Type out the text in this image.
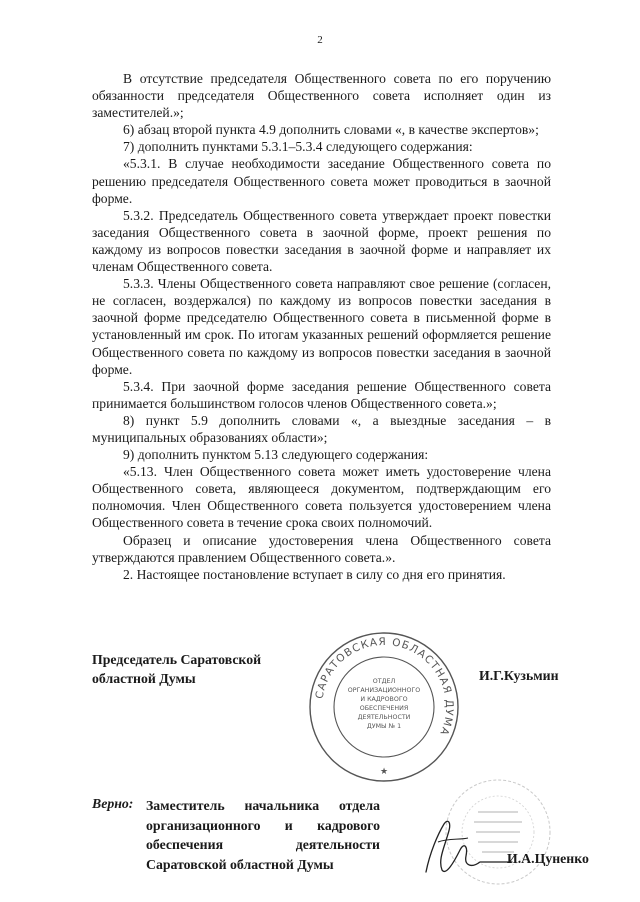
2

В отсутствие председателя Общественного совета по его поручению обязанности председателя Общественного совета исполняет один из заместителей.»;

6) абзац второй пункта 4.9 дополнить словами «, в качестве экспертов»;

7) дополнить пунктами 5.3.1–5.3.4 следующего содержания:

«5.3.1. В случае необходимости заседание Общественного совета по решению председателя Общественного совета может проводиться в заочной форме.

5.3.2. Председатель Общественного совета утверждает проект повестки заседания Общественного совета в заочной форме, проект решения по каждому из вопросов повестки заседания в заочной форме и направляет их членам Общественного совета.

5.3.3. Члены Общественного совета направляют свое решение (согласен, не согласен, воздержался) по каждому из вопросов повестки заседания в заочной форме председателю Общественного совета в письменной форме в установленный им срок. По итогам указанных решений оформляется решение Общественного совета по каждому из вопросов повестки заседания в заочной форме.

5.3.4. При заочной форме заседания решение Общественного совета принимается большинством голосов членов Общественного совета.»;

8) пункт 5.9 дополнить словами «, а выездные заседания – в муниципальных образованиях области»;

9) дополнить пунктом 5.13 следующего содержания:

«5.13. Член Общественного совета может иметь удостоверение члена Общественного совета, являющееся документом, подтверждающим его полномочия. Член Общественного совета пользуется удостоверением члена Общественного совета в течение срока своих полномочий.

Образец и описание удостоверения члена Общественного совета утверждаются правлением Общественного совета.».

2. Настоящее постановление вступает в силу со дня его принятия.

Председатель Саратовской
областной Думы
САРАТОВСКАЯ ОБЛАСТНАЯ ДУМА
ОТДЕЛ
ОРГАНИЗАЦИОННОГО
И КАДРОВОГО
ОБЕСПЕЧЕНИЯ
ДЕЯТЕЛЬНОСТИ
ДУМЫ № 1
★
И.Г.Кузьмин
Верно: Заместитель начальника отдела организационного и кадрового обеспечения деятельности Саратовской областной Думы	И.А.Цуненко
